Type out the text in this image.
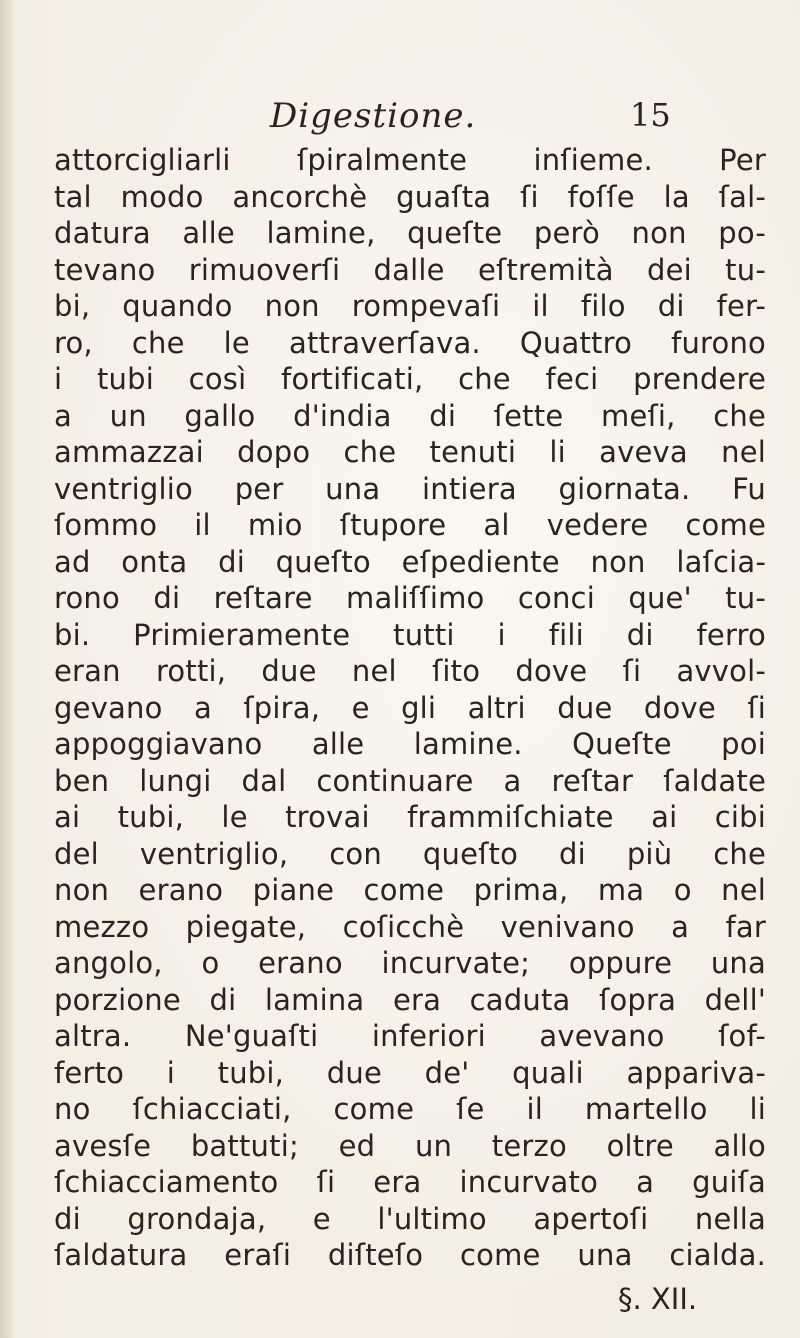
Digestione.	15
attorcigliarli ſpiralmente inſieme. Per
tal modo ancorchè guaſta ſi foſſe la ſal-
datura alle lamine, queſte però non po-
tevano rimuoverſi dalle eſtremità dei tu-
bi, quando non rompevaſi il filo di fer-
ro, che le attraverſava. Quattro furono
i tubi così fortificati, che feci prendere
a un gallo d'india di ſette meſi, che
ammazzai dopo che tenuti li aveva nel
ventriglio per una intiera giornata. Fu
ſommo il mio ſtupore al vedere come
ad onta di queſto eſpediente non laſcia-
rono di reſtare maliſſimo conci que' tu-
bi. Primieramente tutti i fili di ferro
eran rotti, due nel ſito dove ſi avvol-
gevano a ſpira, e gli altri due dove ſi
appoggiavano alle lamine. Queſte poi
ben lungi dal continuare a reſtar ſaldate
ai tubi, le trovai frammiſchiate ai cibi
del ventriglio, con queſto di più che
non erano piane come prima, ma o nel
mezzo piegate, coſicchè venivano a far
angolo, o erano incurvate; oppure una
porzione di lamina era caduta ſopra dell'
altra. Ne'guaſti inferiori avevano ſof-
ferto i tubi, due de' quali appariva-
no ſchiacciati, come ſe il martello li
avesſe battuti; ed un terzo oltre allo
ſchiacciamento ſi era incurvato a guiſa
di grondaja, e l'ultimo apertoſi nella
ſaldatura eraſi diſteſo come una cialda.
§. XII.
